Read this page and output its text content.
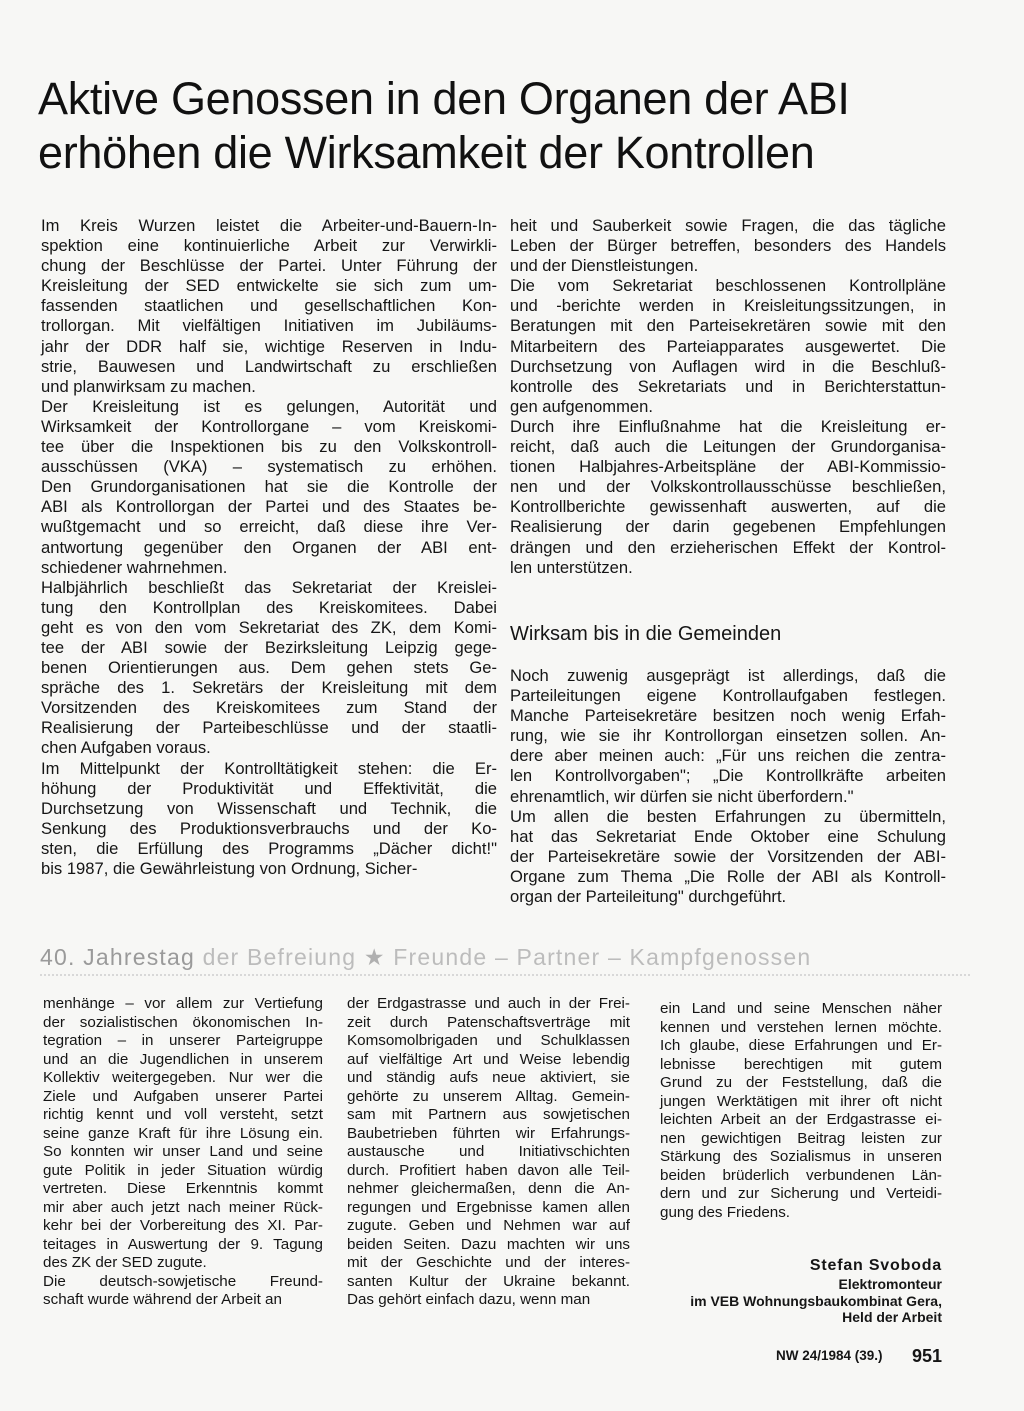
Aktive Genossen in den Organen der ABI
erhöhen die Wirksamkeit der Kontrollen
Im Kreis Wurzen leistet die Arbeiter-und-Bauern-In-
spektion eine kontinuierliche Arbeit zur Verwirkli-
chung der Beschlüsse der Partei. Unter Führung der
Kreisleitung der SED entwickelte sie sich zum um-
fassenden staatlichen und gesellschaftlichen Kon-
trollorgan. Mit vielfältigen Initiativen im Jubiläums-
jahr der DDR half sie, wichtige Reserven in Indu-
strie, Bauwesen und Landwirtschaft zu erschließen
und planwirksam zu machen.
Der Kreisleitung ist es gelungen, Autorität und
Wirksamkeit der Kontrollorgane – vom Kreiskomi-
tee über die Inspektionen bis zu den Volkskontroll-
ausschüssen (VKA) – systematisch zu erhöhen.
Den Grundorganisationen hat sie die Kontrolle der
ABI als Kontrollorgan der Partei und des Staates be-
wußtgemacht und so erreicht, daß diese ihre Ver-
antwortung gegenüber den Organen der ABI ent-
schiedener wahrnehmen.
Halbjährlich beschließt das Sekretariat der Kreislei-
tung den Kontrollplan des Kreiskomitees. Dabei
geht es von den vom Sekretariat des ZK, dem Komi-
tee der ABI sowie der Bezirksleitung Leipzig gege-
benen Orientierungen aus. Dem gehen stets Ge-
spräche des 1. Sekretärs der Kreisleitung mit dem
Vorsitzenden des Kreiskomitees zum Stand der
Realisierung der Parteibeschlüsse und der staatli-
chen Aufgaben voraus.
Im Mittelpunkt der Kontrolltätigkeit stehen: die Er-
höhung der Produktivität und Effektivität, die
Durchsetzung von Wissenschaft und Technik, die
Senkung des Produktionsverbrauchs und der Ko-
sten, die Erfüllung des Programms „Dächer dicht!"
bis 1987, die Gewährleistung von Ordnung, Sicher-
heit und Sauberkeit sowie Fragen, die das tägliche
Leben der Bürger betreffen, besonders des Handels
und der Dienstleistungen.
Die vom Sekretariat beschlossenen Kontrollpläne
und -berichte werden in Kreisleitungssitzungen, in
Beratungen mit den Parteisekretären sowie mit den
Mitarbeitern des Parteiapparates ausgewertet. Die
Durchsetzung von Auflagen wird in die Beschluß-
kontrolle des Sekretariats und in Berichterstattun-
gen aufgenommen.
Durch ihre Einflußnahme hat die Kreisleitung er-
reicht, daß auch die Leitungen der Grundorganisa-
tionen Halbjahres-Arbeitspläne der ABI-Kommissio-
nen und der Volkskontrollausschüsse beschließen,
Kontrollberichte gewissenhaft auswerten, auf die
Realisierung der darin gegebenen Empfehlungen
drängen und den erzieherischen Effekt der Kontrol-
len unterstützen.
Wirksam bis in die Gemeinden
Noch zuwenig ausgeprägt ist allerdings, daß die
Parteileitungen eigene Kontrollaufgaben festlegen.
Manche Parteisekretäre besitzen noch wenig Erfah-
rung, wie sie ihr Kontrollorgan einsetzen sollen. An-
dere aber meinen auch: „Für uns reichen die zentra-
len Kontrollvorgaben"; „Die Kontrollkräfte arbeiten
ehrenamtlich, wir dürfen sie nicht überfordern."
Um allen die besten Erfahrungen zu übermitteln,
hat das Sekretariat Ende Oktober eine Schulung
der Parteisekretäre sowie der Vorsitzenden der ABI-
Organe zum Thema „Die Rolle der ABI als Kontroll-
organ der Parteileitung" durchgeführt.
40. Jahrestag der Befreiung ★ Freunde – Partner – Kampfgenossen
menhänge – vor allem zur Vertiefung
der sozialistischen ökonomischen In-
tegration – in unserer Parteigruppe
und an die Jugendlichen in unserem
Kollektiv weitergegeben. Nur wer die
Ziele und Aufgaben unserer Partei
richtig kennt und voll versteht, setzt
seine ganze Kraft für ihre Lösung ein.
So konnten wir unser Land und seine
gute Politik in jeder Situation würdig
vertreten. Diese Erkenntnis kommt
mir aber auch jetzt nach meiner Rück-
kehr bei der Vorbereitung des XI. Par-
teitages in Auswertung der 9. Tagung
des ZK der SED zugute.
Die deutsch-sowjetische Freund-
schaft wurde während der Arbeit an
der Erdgastrasse und auch in der Frei-
zeit durch Patenschaftsverträge mit
Komsomolbrigaden und Schulklassen
auf vielfältige Art und Weise lebendig
und ständig aufs neue aktiviert, sie
gehörte zu unserem Alltag. Gemein-
sam mit Partnern aus sowjetischen
Baubetrieben führten wir Erfahrungs-
austausche und Initiativschichten
durch. Profitiert haben davon alle Teil-
nehmer gleichermaßen, denn die An-
regungen und Ergebnisse kamen allen
zugute. Geben und Nehmen war auf
beiden Seiten. Dazu machten wir uns
mit der Geschichte und der interes-
santen Kultur der Ukraine bekannt.
Das gehört einfach dazu, wenn man
ein Land und seine Menschen näher
kennen und verstehen lernen möchte.
Ich glaube, diese Erfahrungen und Er-
lebnisse berechtigen mit gutem
Grund zu der Feststellung, daß die
jungen Werktätigen mit ihrer oft nicht
leichten Arbeit an der Erdgastrasse ei-
nen gewichtigen Beitrag leisten zur
Stärkung des Sozialismus in unseren
beiden brüderlich verbundenen Län-
dern und zur Sicherung und Verteidi-
gung des Friedens.
Stefan Svoboda
Elektromonteur
im VEB Wohnungsbaukombinat Gera,
Held der Arbeit
NW 24/1984 (39.) 951
